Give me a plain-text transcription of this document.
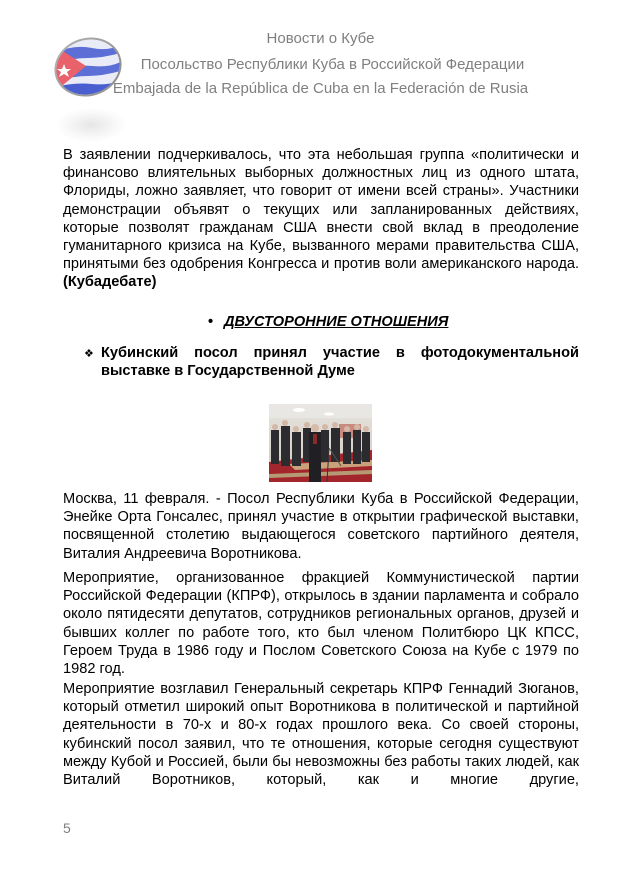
Новости о Кубе
Посольство Республики Куба в Российской Федерации
Embajada de la República de Cuba en la Federación de Rusia

В заявлении подчеркивалось, что эта небольшая группа «политически и финансово влиятельных выборных должностных лиц из одного штата, Флориды, ложно заявляет, что говорит от имени всей страны». Участники демонстрации объявят о текущих или запланированных действиях, которые позволят гражданам США внести свой вклад в преодоление гуманитарного кризиса на Кубе, вызванного мерами правительства США, принятыми без одобрения Конгресса и против воли американского народа. (Кубадебате)

• ДВУСТОРОННИЕ ОТНОШЕНИЯ
❖ Кубинский посол принял участие в фотодокументальной выставке в Государственной Думе

Москва, 11 февраля. - Посол Республики Куба в Российской Федерации, Энейке Орта Гонсалес, принял участие в открытии графической выставки, посвященной столетию выдающегося советского партийного деятеля, Виталия Андреевича Воротникова.

Мероприятие, организованное фракцией Коммунистической партии Российской Федерации (КПРФ), открылось в здании парламента и собрало около пятидесяти депутатов, сотрудников региональных органов, друзей и бывших коллег по работе того, кто был членом Политбюро ЦК КПСС, Героем Труда в 1986 году и Послом Советского Союза на Кубе с 1979 по 1982 год.

Мероприятие возглавил Генеральный секретарь КПРФ Геннадий Зюганов, который отметил широкий опыт Воротникова в политической и партийной деятельности в 70-х и 80-х годах прошлого века. Со своей стороны, кубинский посол заявил, что те отношения, которые сегодня существуют между Кубой и Россией, были бы невозможны без работы таких людей, как Виталий Воротников, который, как и многие другие,

5
